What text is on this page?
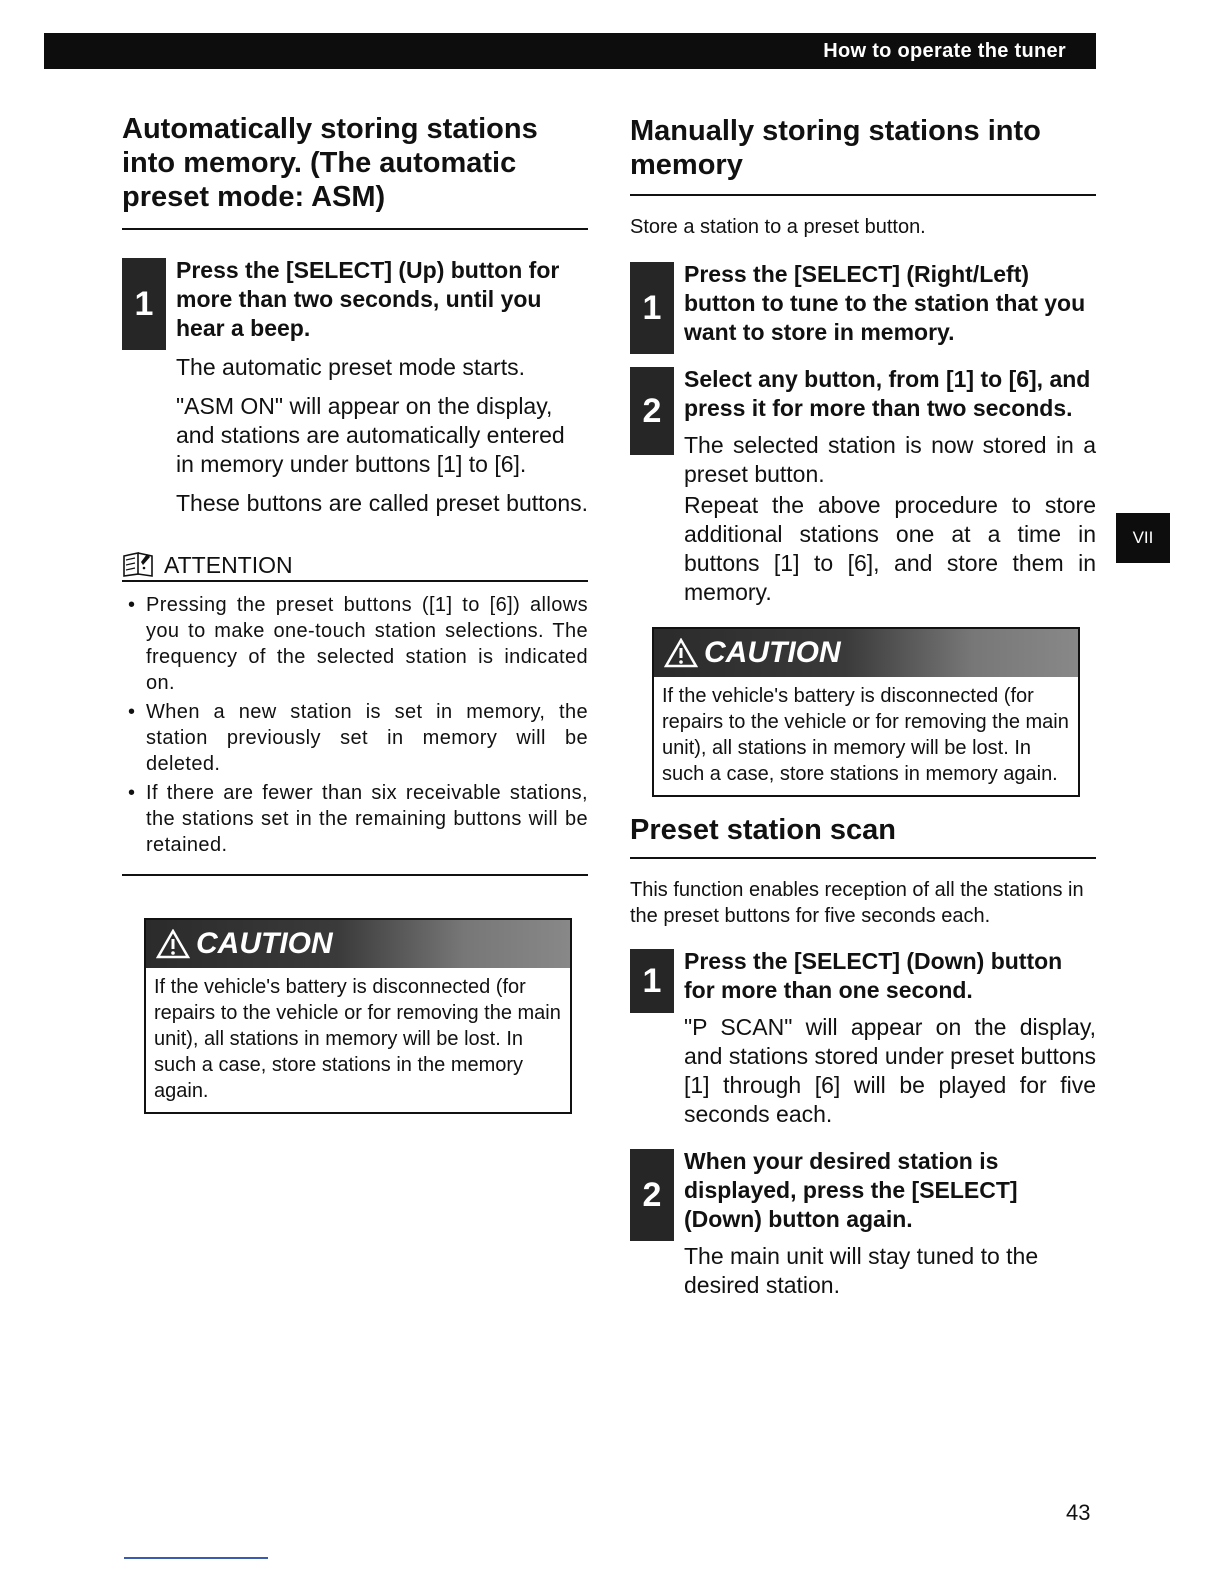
How to operate the tuner
Automatically storing stations into memory. (The automatic preset mode: ASM)
1
Press the [SELECT] (Up) button for more than two seconds, until you hear a beep.
The automatic preset mode starts.
"ASM ON" will appear on the display, and stations are automatically entered in memory under buttons [1] to [6].
These buttons are called preset buttons.
ATTENTION
• Pressing the preset buttons ([1] to [6]) allows you to make one-touch station selections. The frequency of the selected station is indicated on.
• When a new station is set in memory, the station previously set in memory will be deleted.
• If there are fewer than six receivable stations, the stations set in the remaining buttons will be retained.
CAUTION
If the vehicle's battery is disconnected (for repairs to the vehicle or for removing the main unit), all stations in memory will be lost. In such a case, store stations in the memory again.
Manually storing stations into memory
Store a station to a preset button.
1
Press the [SELECT] (Right/Left) button to tune to the station that you want to store in memory.
2
Select any button, from [1] to [6], and press it for more than two seconds.
The selected station is now stored in a preset button.
Repeat the above procedure to store additional stations one at a time in buttons [1] to [6], and store them in memory.
CAUTION
If the vehicle's battery is disconnected (for repairs to the vehicle or for removing the main unit), all stations in memory will be lost. In such a case, store stations in memory again.
Preset station scan
This function enables reception of all the stations in the preset buttons for five seconds each.
1
Press the [SELECT] (Down) button for more than one second.
"P SCAN" will appear on the display, and stations stored under preset buttons [1] through [6] will be played for five seconds each.
2
When your desired station is displayed, press the [SELECT] (Down) button again.
The main unit will stay tuned to the desired station.
VII
43
